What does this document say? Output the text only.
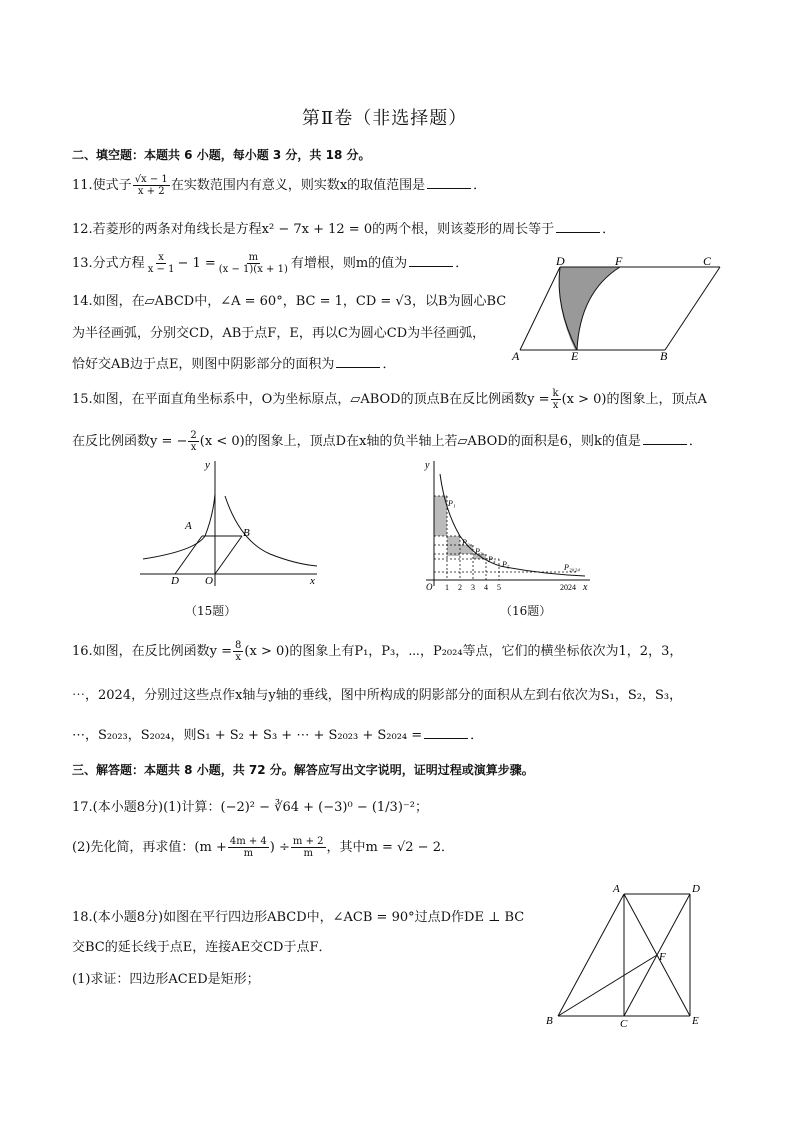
第Ⅱ卷（非选择题）
二、填空题：本题共 6 小题，每小题 3 分，共 18 分。
11.使式子 $\frac{√x - 1}{x + 2}$ 在实数范围内有意义，则实数x的取值范围是	．
12.若菱形的两条对角线长是方程x² − 7x + 12 = 0的两个根，则该菱形的周长等于	．
13.分式方程 $\frac{x}{x - 1} - 1 = \frac{m}{(x - 1)(x + 1)}$ 有增根，则m的值为	．
14.如图，在▱ABCD中，∠A = 60°，BC = 1，CD = √3，以B为圆心BC
为半径画弧，分别交CD，AB于点F，E，再以C为圆心CD为半径画弧，
恰好交AB边于点E，则图中阴影部分的面积为	．
D	F	C
A	E	B
15.如图，在平面直角坐标系中，O为坐标原点，▱ABOD的顶点B在反比例函数$y = \frac{k}{x} (x > 0)$的图象上，顶点A
在反比例函数y = − $\frac{2}{x} (x < 0)$的图象上，顶点D在x轴的负半轴上若▱ABOD的面积是6，则k的值是	．
y
x
A
B
D O
（15题）
y
x
P₁
P₂
P₃
P₄
P₅	P₂₀₂₄
O 1 2 3 4 5	2024
（16题）
16.如图，在反比例函数$y = \frac{8}{x} (x > 0)$的图象上有P₁，P₃，⋯，P₂₀₂₄等点，它们的横坐标依次为1，2，3，
⋯，2024，分别过这些点作x轴与y轴的垂线，图中所构成的阴影部分的面积从左到右依次为S₁，S₂，S₃，
⋯，S₂₀₂₃，S₂₀₂₄，则S₁ + S₂ + S₃ + ⋯ + S₂₀₂₃ + S₂₀₂₄ =	．
三、解答题：本题共 8 小题，共 72 分。解答应写出文字说明，证明过程或演算步骤。
17.(本小题8分)(1)计算：(−2)² − ∛64 + (−3)⁰ − (1/3)⁻²；
(2)先化简，再求值：($m + \frac{4m + 4}{m}$ ) ÷ $\frac{m + 2}{m}$ ，其中m = √2 − 2．
18.(本小题8分)如图在平行四边形ABCD中，∠ACB = 90°过点D作DE ⊥ BC
交BC的延长线于点E，连接AE交CD于点F．
(1)求证：四边形ACED是矩形；
A	D
F
B	C	E
